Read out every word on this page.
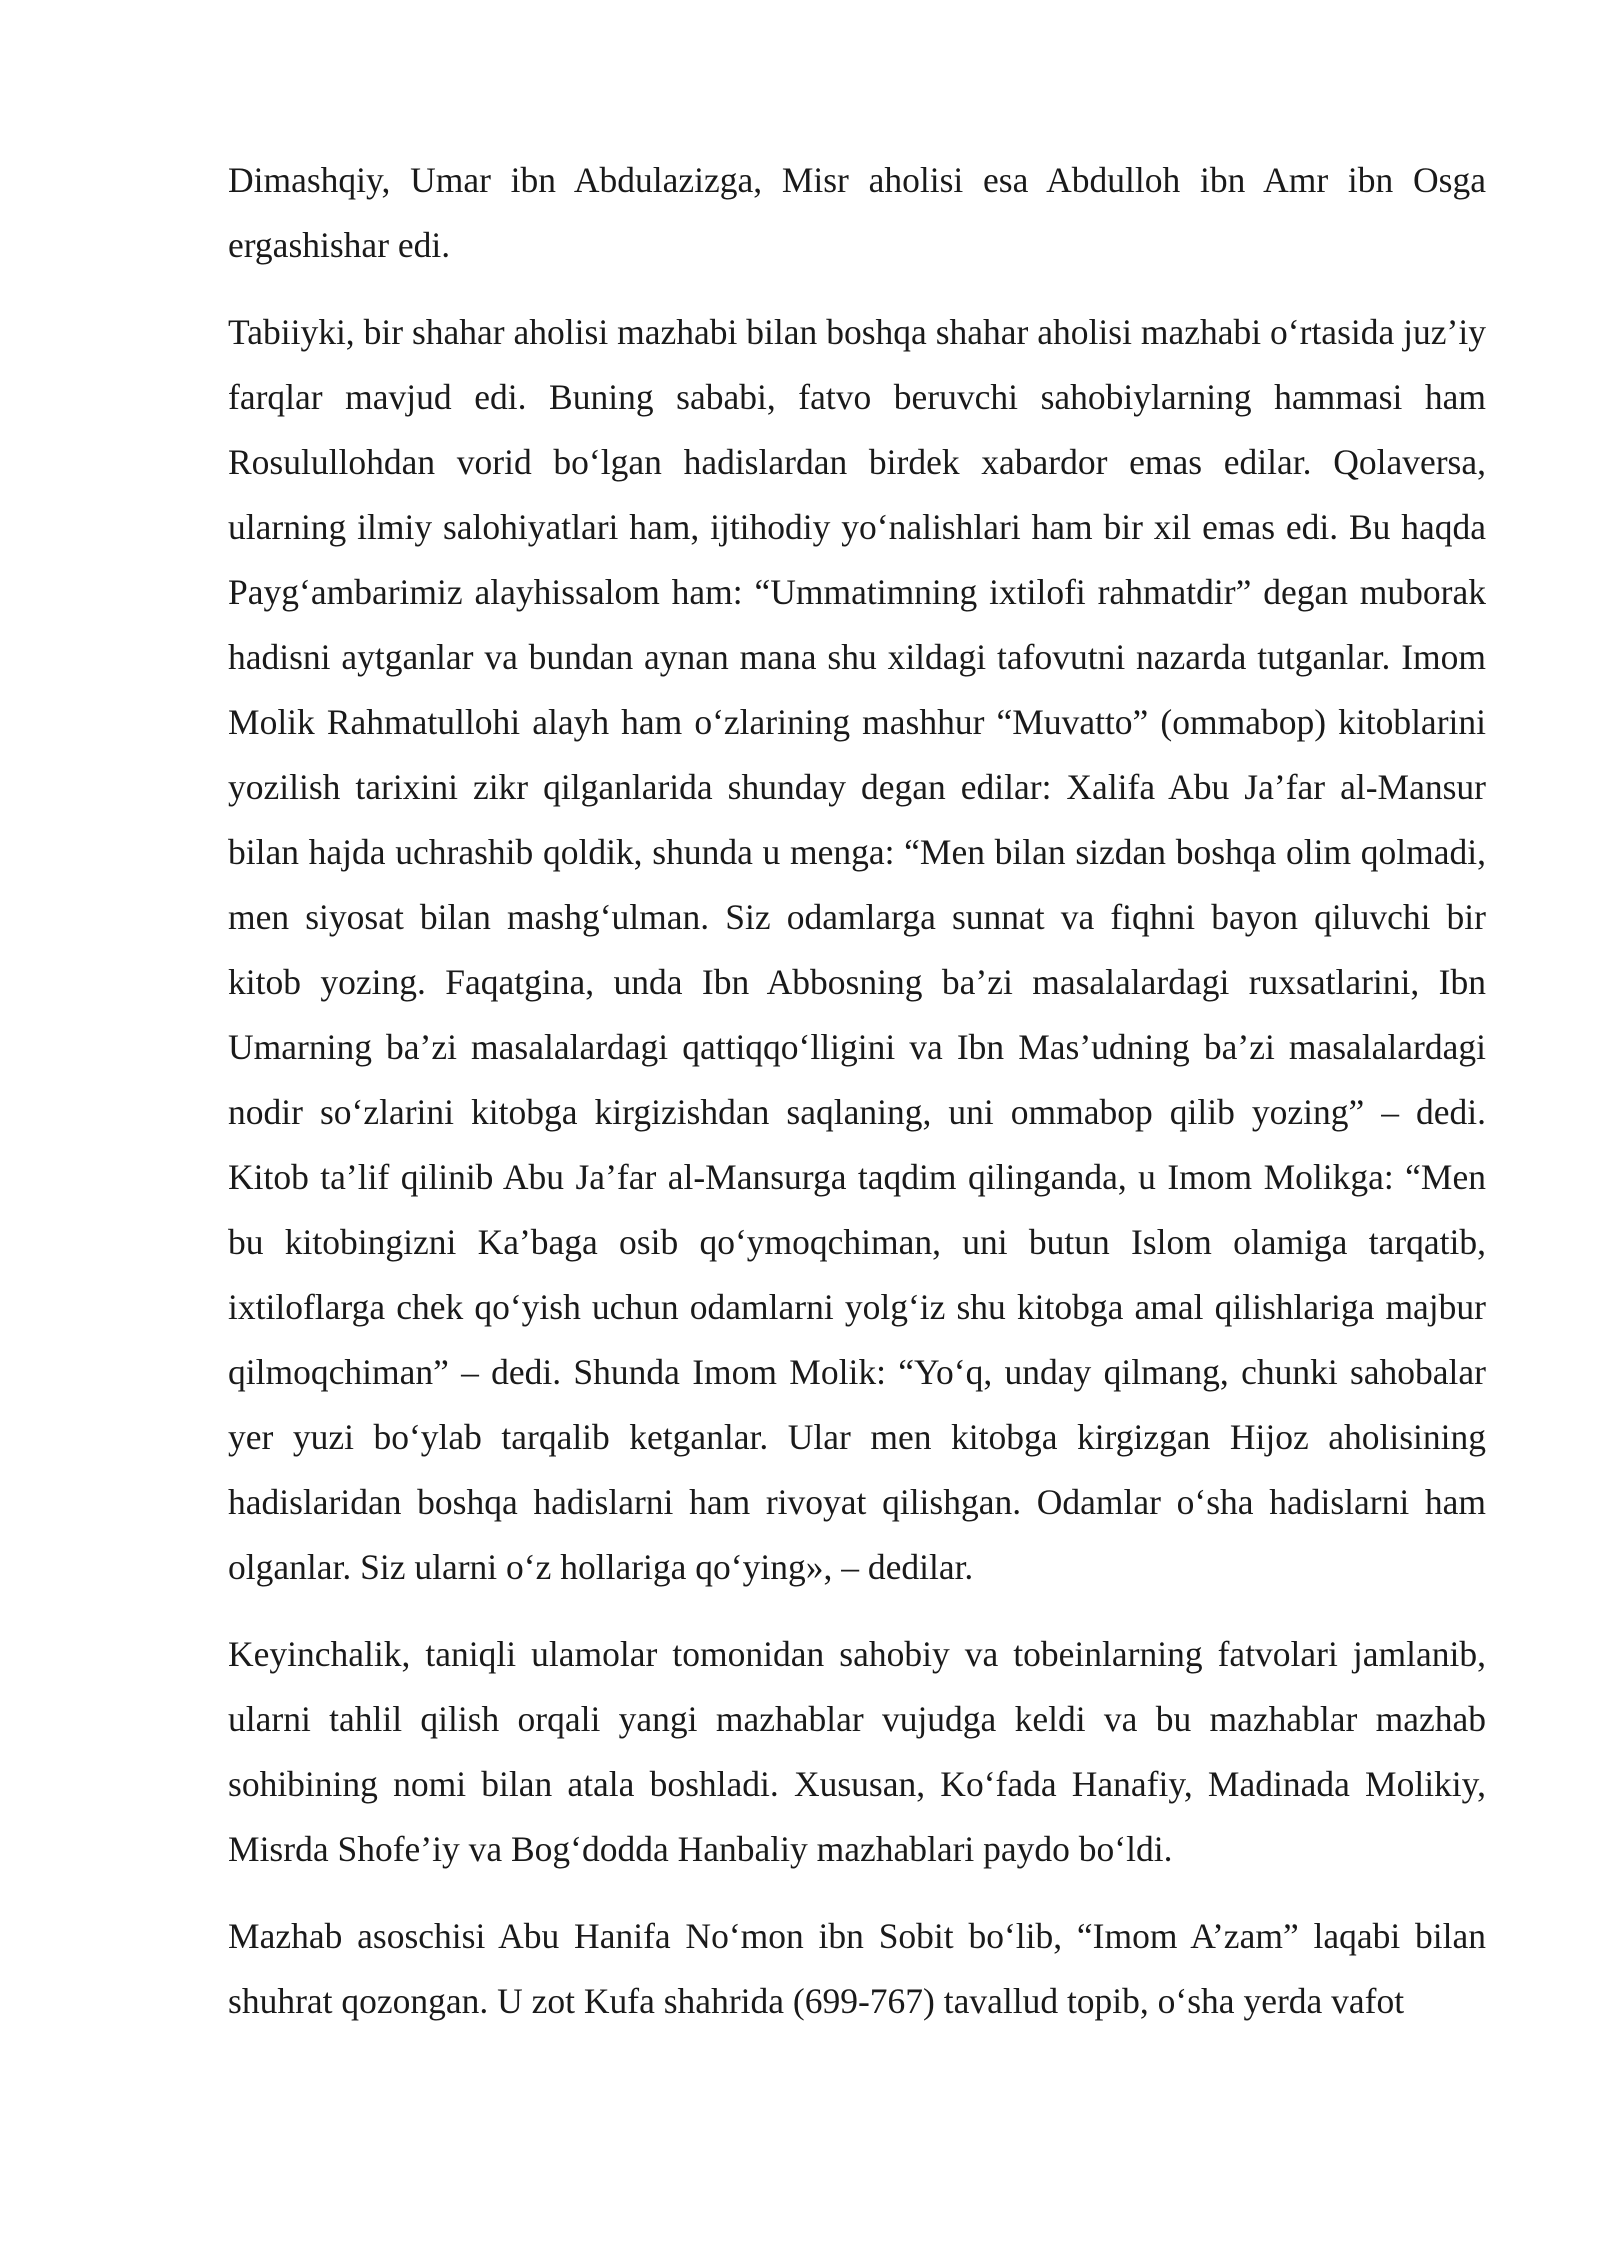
Dimashqiy, Umar ibn Abdulazizga, Misr aholisi esa Abdulloh ibn Amr ibn Osga ergashishar edi.

Tabiiyki, bir shahar aholisi mazhabi bilan boshqa shahar aholisi mazhabi o‘rtasida juz’iy farqlar mavjud edi. Buning sababi, fatvo beruvchi sahobiylarning hammasi ham Rosulullohdan vorid bo‘lgan hadislardan birdek xabardor emas edilar. Qolaversa, ularning ilmiy salohiyatlari ham, ijtihodiy yo‘nalishlari ham bir xil emas edi. Bu haqda Payg‘ambarimiz alayhissalom ham: “Ummatimning ixtilofi rahmatdir” degan muborak hadisni aytganlar va bundan aynan mana shu xildagi tafovutni nazarda tutganlar. Imom Molik Rahmatullohi alayh ham o‘zlarining mashhur “Muvatto” (ommabop) kitoblarini yozilish tarixini zikr qilganlarida shunday degan edilar: Xalifa Abu Ja’far al-Mansur bilan hajda uchrashib qoldik, shunda u menga: “Men bilan sizdan boshqa olim qolmadi, men siyosat bilan mashg‘ulman. Siz odamlarga sunnat va fiqhni bayon qiluvchi bir kitob yozing. Faqatgina, unda Ibn Abbosning ba’zi masalalardagi ruxsatlarini, Ibn Umarning ba’zi masalalardagi qattiqqo‘lligini va Ibn Mas’udning ba’zi masalalardagi nodir so‘zlarini kitobga kirgizishdan saqlaning, uni ommabop qilib yozing” – dedi. Kitob ta’lif qilinib Abu Ja’far al-Mansurga taqdim qilinganda, u Imom Molikga: “Men bu kitobingizni Ka’baga osib qo‘ymoqchiman, uni butun Islom olamiga tarqatib, ixtiloflarga chek qo‘yish uchun odamlarni yolg‘iz shu kitobga amal qilishlariga majbur qilmoqchiman” – dedi. Shunda Imom Molik: “Yo‘q, unday qilmang, chunki sahobalar yer yuzi bo‘ylab tarqalib ketganlar. Ular men kitobga kirgizgan Hijoz aholisining hadislaridan boshqa hadislarni ham rivoyat qilishgan. Odamlar o‘sha hadislarni ham olganlar. Siz ularni o‘z hollariga qo‘ying», – dedilar.

Keyinchalik, taniqli ulamolar tomonidan sahobiy va tobeinlarning fatvolari jamlanib, ularni tahlil qilish orqali yangi mazhablar vujudga keldi va bu mazhablar mazhab sohibining nomi bilan atala boshladi. Xususan, Ko‘fada Hanafiy, Madinada Molikiy, Misrda Shofe’iy va Bog‘dodda Hanbaliy mazhablari paydo bo‘ldi.

Mazhab asoschisi Abu Hanifa No‘mon ibn Sobit bo‘lib, “Imom A’zam” laqabi bilan shuhrat qozongan. U zot Kufa shahrida (699-767) tavallud topib, o‘sha yerda vafot
